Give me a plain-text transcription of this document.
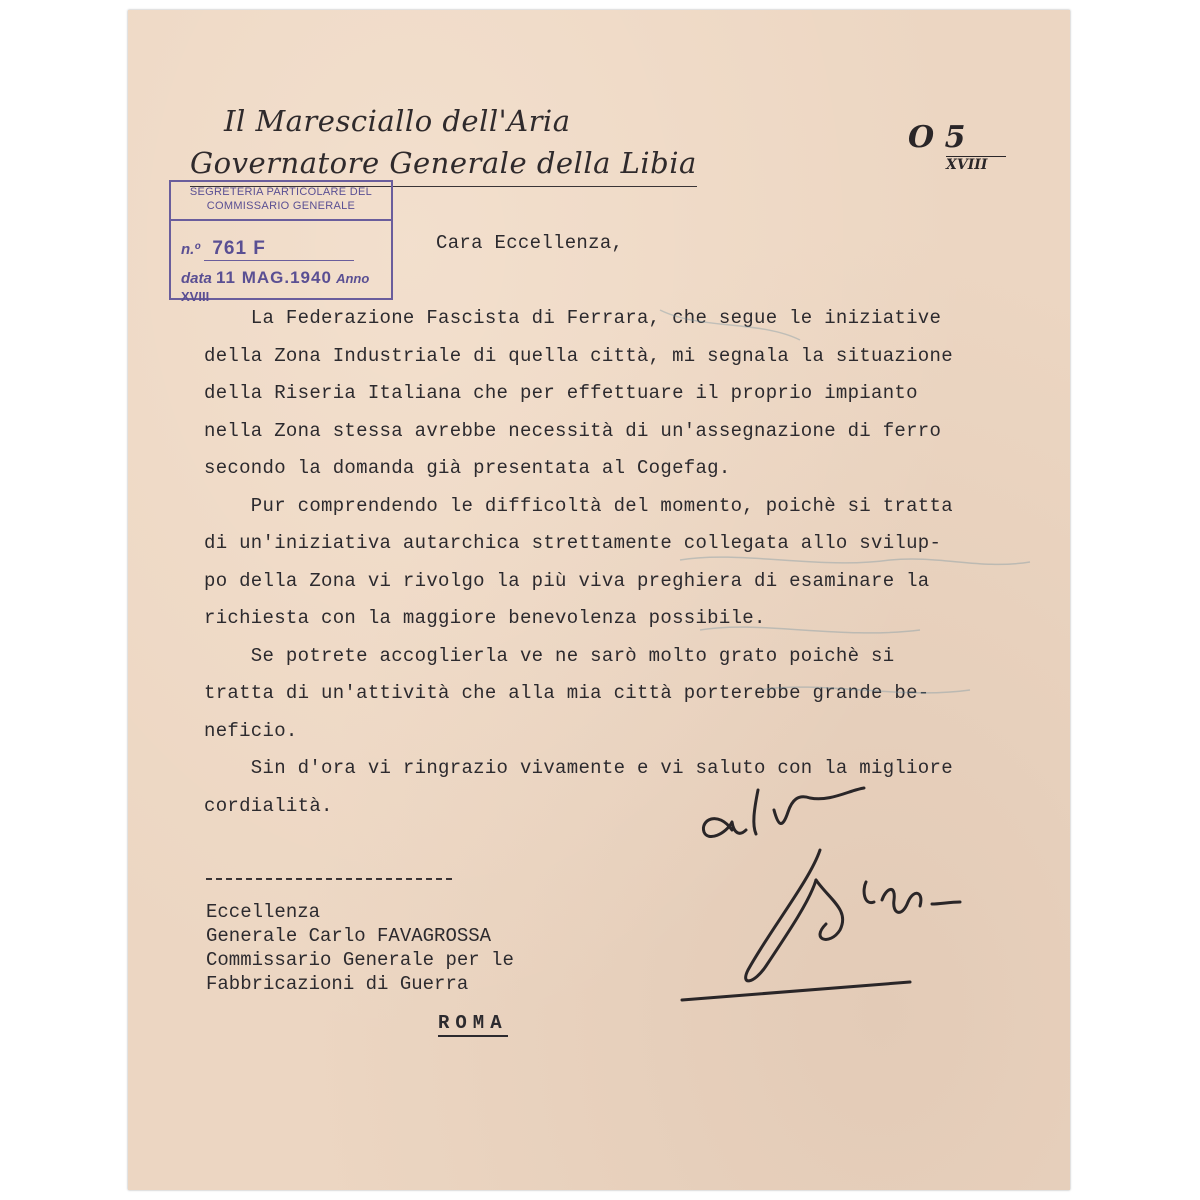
Il Maresciallo dell'Aria
Governatore Generale della Libia
SEGRETERIA PARTICOLARE DEL
COMMISSARIO GENERALE
n.º 761 F
data 11 MAG.1940 Anno XVIII
O 5
XVIII
Cara Eccellenza,
La Federazione Fascista di Ferrara, che segue le iniziative
della Zona Industriale di quella città, mi segnala la situazione
della Riseria Italiana che per effettuare il proprio impianto
nella Zona stessa avrebbe necessità di un'assegnazione di ferro
secondo la domanda già presentata al Cogefag.
Pur comprendendo le difficoltà del momento, poichè si tratta
di un'iniziativa autarchica strettamente collegata allo svilup-
po della Zona vi rivolgo la più viva preghiera di esaminare la
richiesta con la maggiore benevolenza possibile.
Se potrete accoglierla ve ne sarò molto grato poichè si
tratta di un'attività che alla mia città porterebbe grande be-
neficio.
Sin d'ora vi ringrazio vivamente e vi saluto con la migliore
cordialità.
Eccellenza
Generale Carlo FAVAGROSSA
Commissario Generale per le
Fabbricazioni di Guerra
ROMA
